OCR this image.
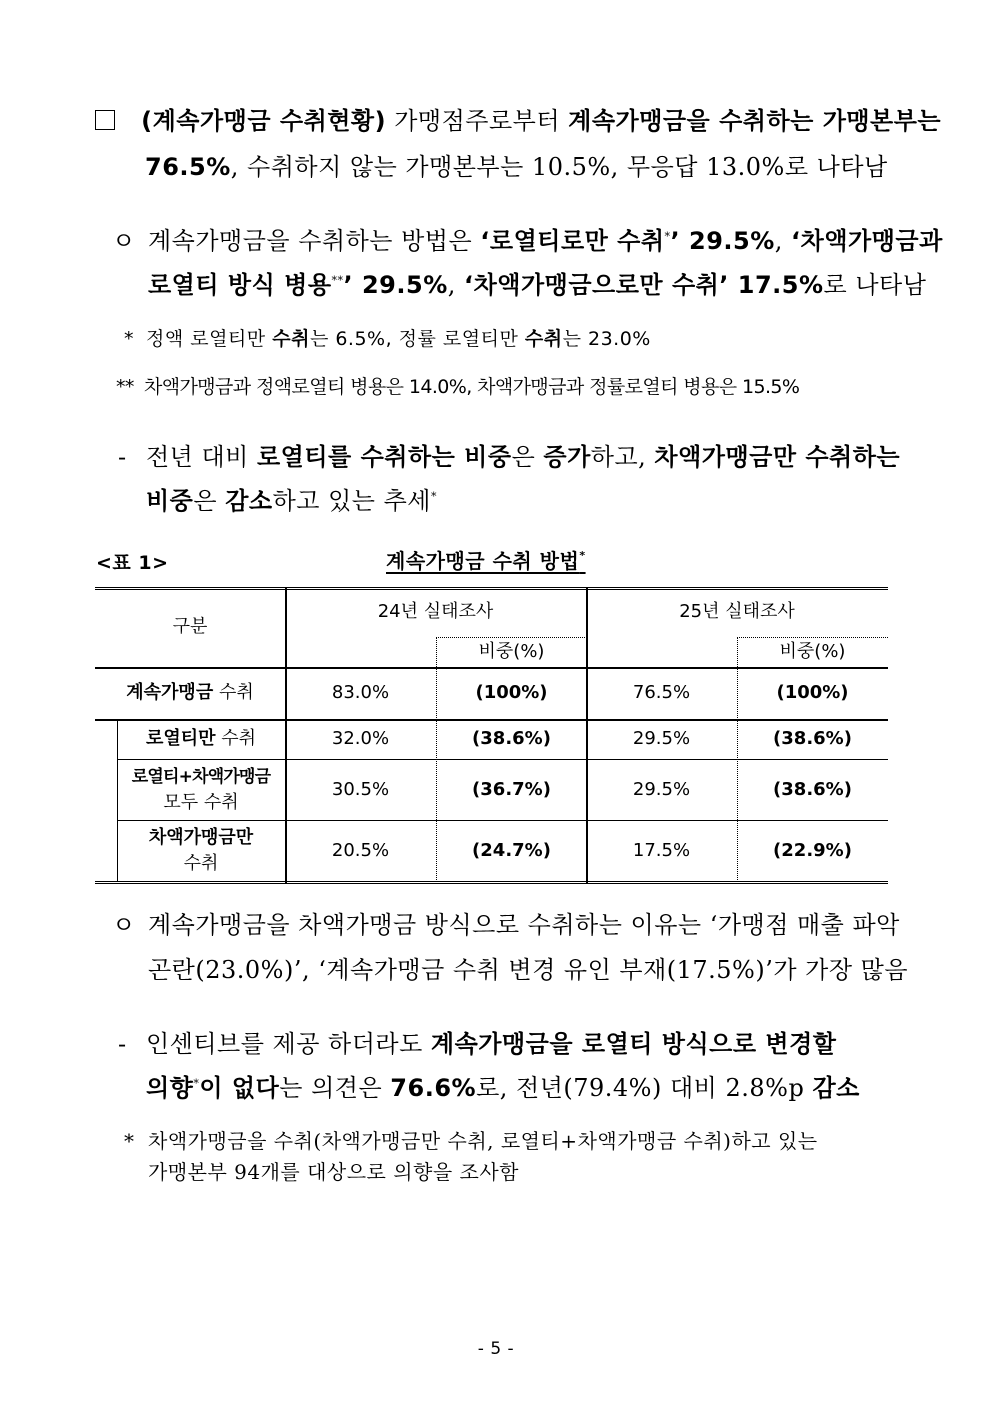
(계속가맹금 수취현황) 가맹점주로부터 계속가맹금을 수취하는 가맹본부는
76.5%, 수취하지 않는 가맹본부는 10.5%, 무응답 13.0%로 나타남
ㅇ 계속가맹금을 수취하는 방법은 ‘로열티로만 수취*’ 29.5%, ‘차액가맹금과
로열티 방식 병용**’ 29.5%, ‘차액가맹금으로만 수취’ 17.5%로 나타남
* 정액 로열티만 수취는 6.5%, 정률 로열티만 수취는 23.0%
** 차액가맹금과 정액로열티 병용은 14.0%, 차액가맹금과 정률로열티 병용은 15.5%
- 전년 대비 로열티를 수취하는 비중은 증가하고, 차액가맹금만 수취하는
비중은 감소하고 있는 추세*
<표 1>	계속가맹금 수취 방법*
구분
24년 실태조사	25년 실태조사
비중(%)	비중(%)
계속가맹금 수취	83.0%	(100%)	76.5%	(100%)
로열티만 수취	32.0%	(38.6%)	29.5%	(38.6%)
로열티+차액가맹금
모두 수취
30.5%	(36.7%)	29.5%	(38.6%)
차액가맹금만
수취
20.5%	(24.7%)	17.5%	(22.9%)
ㅇ 계속가맹금을 차액가맹금 방식으로 수취하는 이유는 ‘가맹점 매출 파악
곤란(23.0%)’, ‘계속가맹금 수취 변경 유인 부재(17.5%)’가 가장 많음
- 인센티브를 제공 하더라도 계속가맹금을 로열티 방식으로 변경할
의향*이 없다는 의견은 76.6%로, 전년(79.4%) 대비 2.8%p 감소
* 차액가맹금을 수취(차액가맹금만 수취, 로열티+차액가맹금 수취)하고 있는
가맹본부 94개를 대상으로 의향을 조사함
- 5 -
